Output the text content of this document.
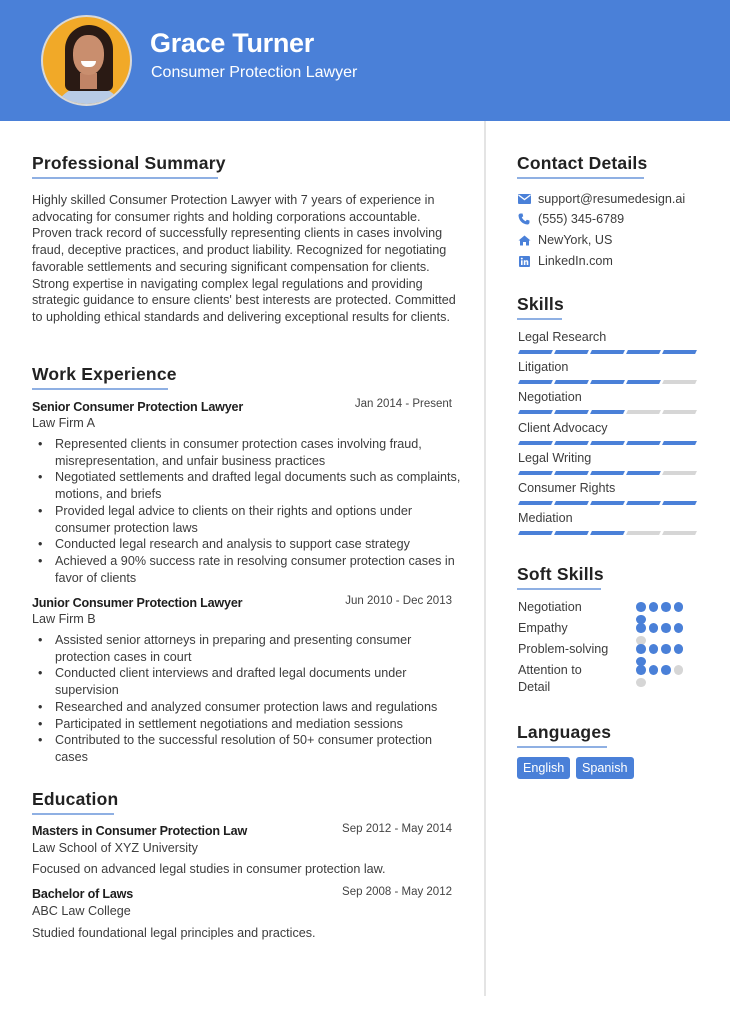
Grace Turner
Consumer Protection Lawyer
Professional Summary
Highly skilled Consumer Protection Lawyer with 7 years of experience in advocating for consumer rights and holding corporations accountable. Proven track record of successfully representing clients in cases involving fraud, deceptive practices, and product liability. Recognized for negotiating favorable settlements and securing significant compensation for clients. Strong expertise in navigating complex legal regulations and providing strategic guidance to ensure clients' best interests are protected. Committed to upholding ethical standards and delivering exceptional results for clients.
Work Experience
Senior Consumer Protection Lawyer	Jan 2014 - Present
Law Firm A
• Represented clients in consumer protection cases involving fraud, misrepresentation, and unfair business practices
• Negotiated settlements and drafted legal documents such as complaints, motions, and briefs
• Provided legal advice to clients on their rights and options under consumer protection laws
• Conducted legal research and analysis to support case strategy
• Achieved a 90% success rate in resolving consumer protection cases in favor of clients
Junior Consumer Protection Lawyer	Jun 2010 - Dec 2013
Law Firm B
• Assisted senior attorneys in preparing and presenting consumer protection cases in court
• Conducted client interviews and drafted legal documents under supervision
• Researched and analyzed consumer protection laws and regulations
• Participated in settlement negotiations and mediation sessions
• Contributed to the successful resolution of 50+ consumer protection cases
Education
Masters in Consumer Protection Law	Sep 2012 - May 2014
Law School of XYZ University
Focused on advanced legal studies in consumer protection law.
Bachelor of Laws	Sep 2008 - May 2012
ABC Law College
Studied foundational legal principles and practices.
Contact Details
support@resumedesign.ai
(555) 345-6789
NewYork, US
LinkedIn.com
Skills
Legal Research
Litigation
Negotiation
Client Advocacy
Legal Writing
Consumer Rights
Mediation
Soft Skills
Negotiation
Empathy
Problem-solving
Attention to Detail
Languages
English	Spanish
